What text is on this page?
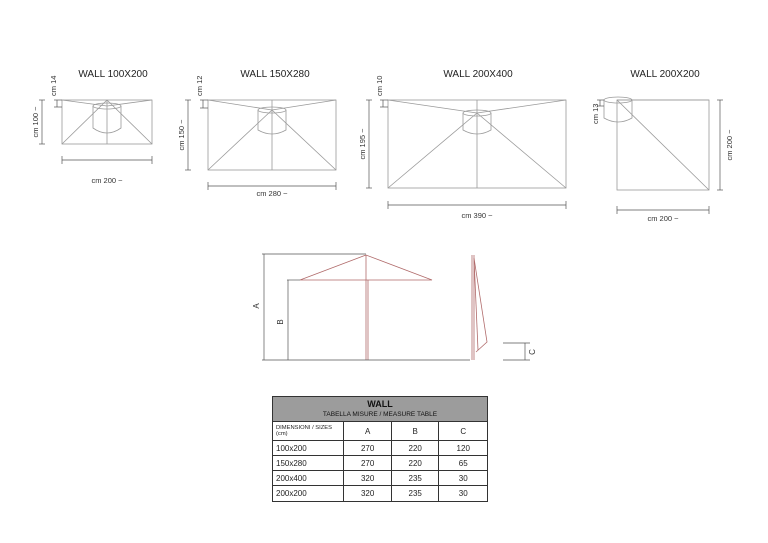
WALL 100X200
cm 14
cm 100 ~
cm 200 ~
WALL 150X280
cm 12
cm 150 ~
cm 280 ~
WALL 200X400
cm 10
cm 195 ~
cm 390 ~
WALL 200X200
cm 13
cm 200 ~
cm 200 ~
A
B
C
WALL
TABELLA MISURE / MEASURE TABLE
DIMENSIONI / SIZES (cm)	A	B	C
100x200	270	220	120
150x280	270	220	65
200x400	320	235	30
200x200	320	235	30
